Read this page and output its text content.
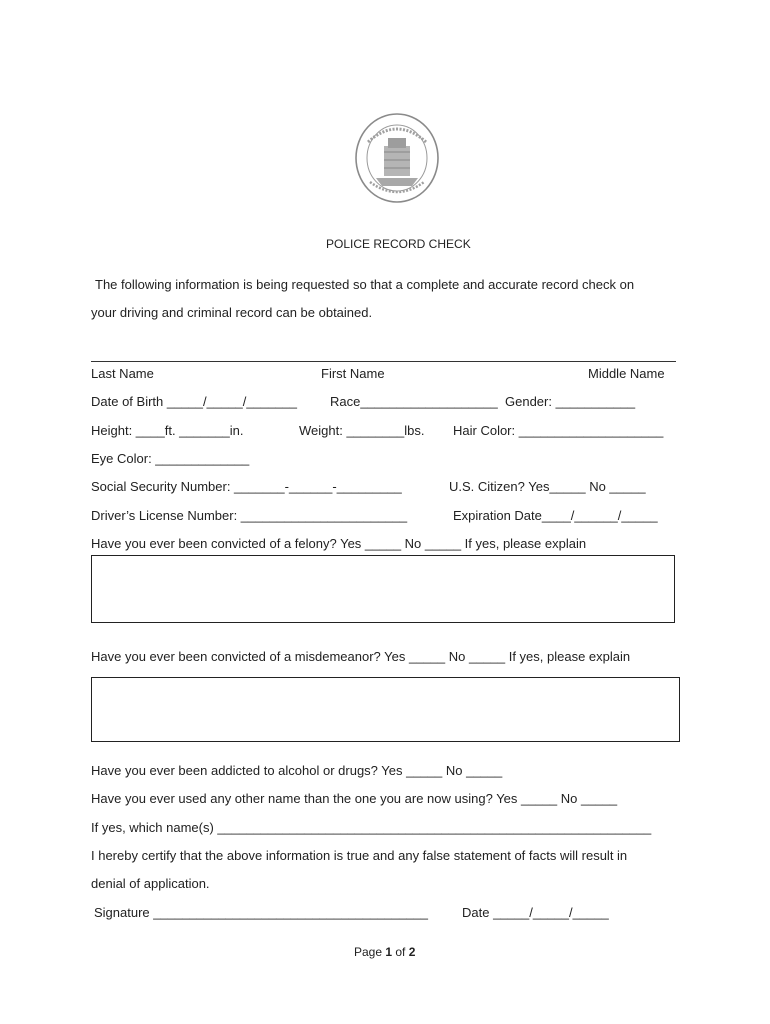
POLICE RECORD CHECK
The following information is being requested so that a complete and accurate record check on
your driving and criminal record can be obtained.
Last Name	First Name	Middle Name
Date of Birth _____/_____/_______	Race___________________ Gender: ___________
Height: ____ft. _______in.	Weight: ________lbs. Hair Color: ____________________
Eye Color: _____________
Social Security Number: _______-______-_________	U.S. Citizen? Yes_____ No _____
Driver’s License Number: _______________________	Expiration Date____/______/_____
Have you ever been convicted of a felony? Yes _____ No _____ If yes, please explain
Have you ever been convicted of a misdemeanor? Yes _____ No _____ If yes, please explain
Have you ever been addicted to alcohol or drugs? Yes _____ No _____
Have you ever used any other name than the one you are now using? Yes _____ No _____
If yes, which name(s) ____________________________________________________________
I hereby certify that the above information is true and any false statement of facts will result in
denial of application.
Signature ______________________________________	Date _____/_____/_____
Page 1 of 2
